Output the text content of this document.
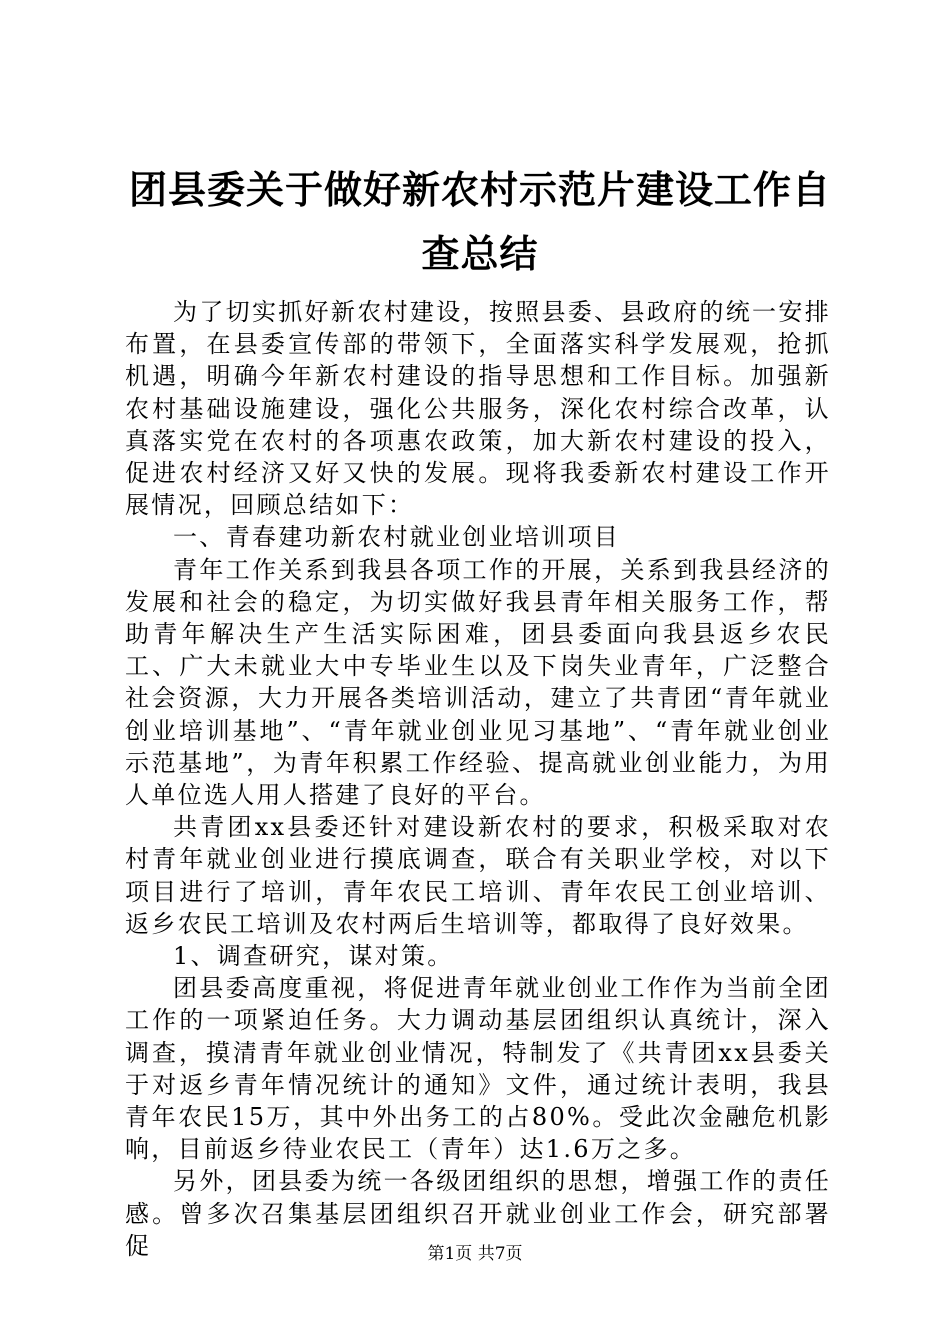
团县委关于做好新农村示范片建设工作自查总结

为了切实抓好新农村建设，按照县委、县政府的统一安排布置，在县委宣传部的带领下，全面落实科学发展观，抢抓机遇，明确今年新农村建设的指导思想和工作目标。加强新农村基础设施建设，强化公共服务，深化农村综合改革，认真落实党在农村的各项惠农政策，加大新农村建设的投入，促进农村经济又好又快的发展。现将我委新农村建设工作开展情况，回顾总结如下：

一、青春建功新农村就业创业培训项目

青年工作关系到我县各项工作的开展，关系到我县经济的发展和社会的稳定，为切实做好我县青年相关服务工作，帮助青年解决生产生活实际困难，团县委面向我县返乡农民工、广大未就业大中专毕业生以及下岗失业青年，广泛整合社会资源，大力开展各类培训活动，建立了共青团“青年就业创业培训基地”、“青年就业创业见习基地”、“青年就业创业示范基地”，为青年积累工作经验、提高就业创业能力，为用人单位选人用人搭建了良好的平台。

共青团xx县委还针对建设新农村的要求，积极采取对农村青年就业创业进行摸底调查，联合有关职业学校，对以下项目进行了培训，青年农民工培训、青年农民工创业培训、返乡农民工培训及农村两后生培训等，都取得了良好效果。

1、调查研究，谋对策。

团县委高度重视，将促进青年就业创业工作作为当前全团工作的一项紧迫任务。大力调动基层团组织认真统计，深入调查，摸清青年就业创业情况，特制发了《共青团xx县委关于对返乡青年情况统计的通知》文件，通过统计表明，我县青年农民15万，其中外出务工的占80%。受此次金融危机影响，目前返乡待业农民工（青年）达1.6万之多。

另外，团县委为统一各级团组织的思想，增强工作的责任感。曾多次召集基层团组织召开就业创业工作会，研究部署促	第1页 共7页
